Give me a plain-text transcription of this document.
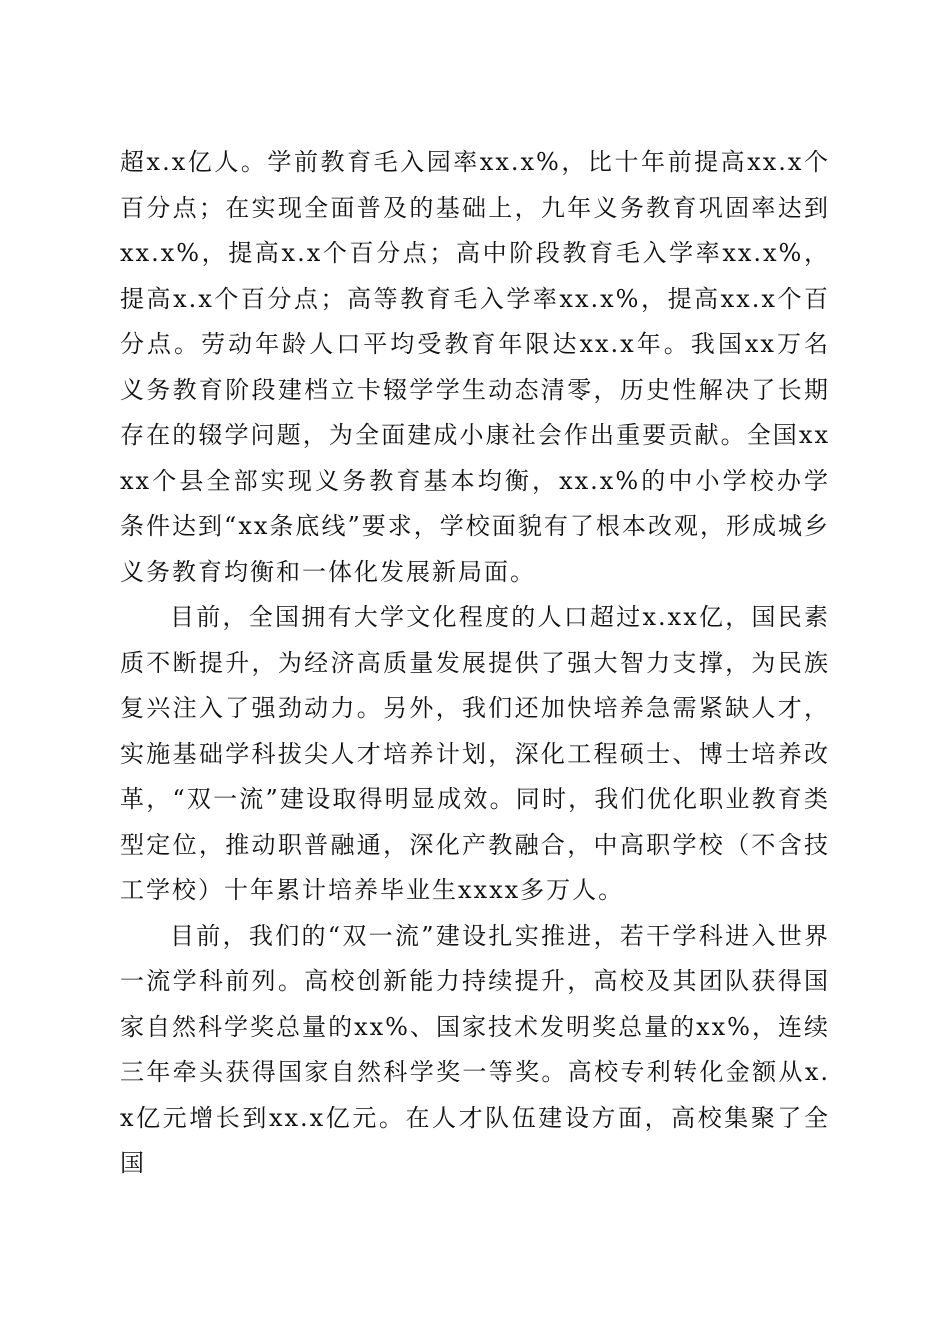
超x.x亿人。学前教育毛入园率xx.x%，比十年前提高xx.x个百分点；在实现全面普及的基础上，九年义务教育巩固率达到xx.x%，提高x.x个百分点；高中阶段教育毛入学率xx.x%，提高x.x个百分点；高等教育毛入学率xx.x%，提高xx.x个百分点。劳动年龄人口平均受教育年限达xx.x年。我国xx万名义务教育阶段建档立卡辍学学生动态清零，历史性解决了长期存在的辍学问题，为全面建成小康社会作出重要贡献。全国xxxx个县全部实现义务教育基本均衡，xx.x%的中小学校办学条件达到“xx条底线”要求，学校面貌有了根本改观，形成城乡义务教育均衡和一体化发展新局面。

目前，全国拥有大学文化程度的人口超过x.xx亿，国民素质不断提升，为经济高质量发展提供了强大智力支撑，为民族复兴注入了强劲动力。另外，我们还加快培养急需紧缺人才，实施基础学科拔尖人才培养计划，深化工程硕士、博士培养改革，“双一流”建设取得明显成效。同时，我们优化职业教育类型定位，推动职普融通，深化产教融合，中高职学校（不含技工学校）十年累计培养毕业生xxxx多万人。

目前，我们的“双一流”建设扎实推进，若干学科进入世界一流学科前列。高校创新能力持续提升，高校及其团队获得国家自然科学奖总量的xx%、国家技术发明奖总量的xx%，连续三年牵头获得国家自然科学奖一等奖。高校专利转化金额从x.x亿元增长到xx.x亿元。在人才队伍建设方面，高校集聚了全国
